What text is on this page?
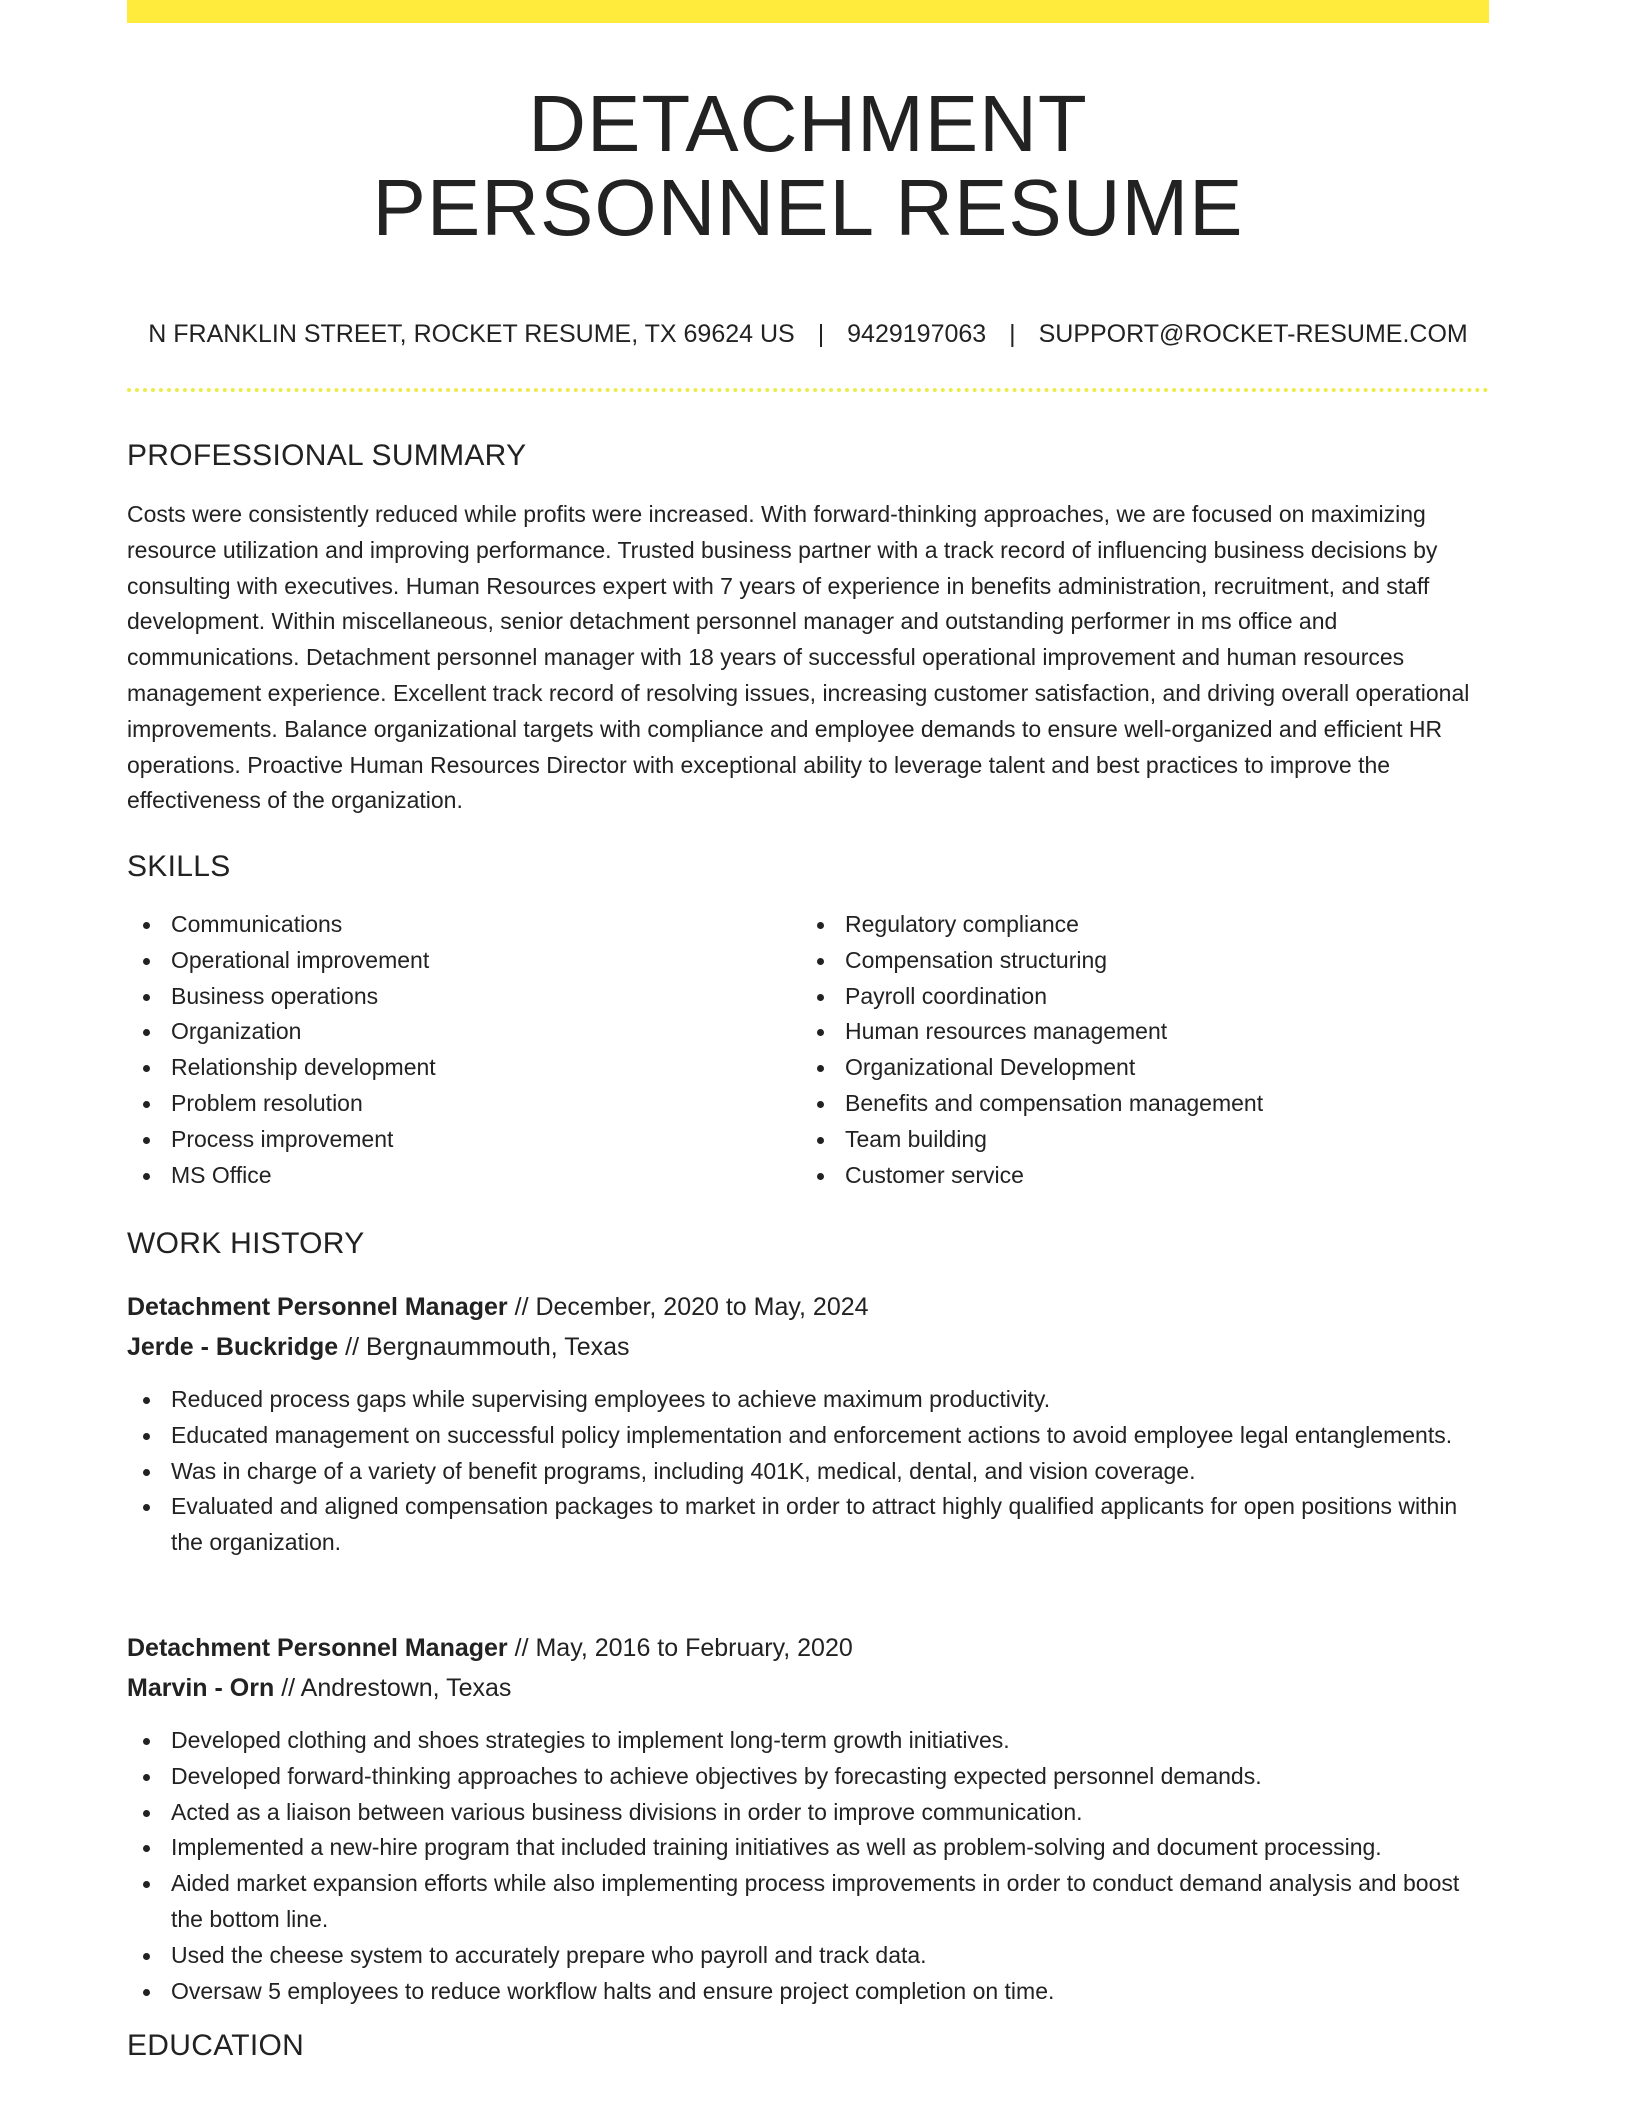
DETACHMENT
PERSONNEL RESUME
N FRANKLIN STREET, ROCKET RESUME, TX 69624 US | 9429197063 | SUPPORT@ROCKET-RESUME.COM
PROFESSIONAL SUMMARY

Costs were consistently reduced while profits were increased. With forward-thinking approaches, we are focused on maximizing resource utilization and improving performance. Trusted business partner with a track record of influencing business decisions by consulting with executives. Human Resources expert with 7 years of experience in benefits administration, recruitment, and staff development. Within miscellaneous, senior detachment personnel manager and outstanding performer in ms office and communications. Detachment personnel manager with 18 years of successful operational improvement and human resources management experience. Excellent track record of resolving issues, increasing customer satisfaction, and driving overall operational improvements. Balance organizational targets with compliance and employee demands to ensure well-organized and efficient HR operations. Proactive Human Resources Director with exceptional ability to leverage talent and best practices to improve the effectiveness of the organization.

SKILLS
Communications
Operational improvement
Business operations
Organization
Relationship development
Problem resolution
Process improvement
MS Office
Regulatory compliance
Compensation structuring
Payroll coordination
Human resources management
Organizational Development
Benefits and compensation management
Team building
Customer service
WORK HISTORY
Detachment Personnel Manager // December, 2020 to May, 2024
Jerde - Buckridge // Bergnaummouth, Texas
Reduced process gaps while supervising employees to achieve maximum productivity.
Educated management on successful policy implementation and enforcement actions to avoid employee legal entanglements.
Was in charge of a variety of benefit programs, including 401K, medical, dental, and vision coverage.
Evaluated and aligned compensation packages to market in order to attract highly qualified applicants for open positions within the organization.
Detachment Personnel Manager // May, 2016 to February, 2020
Marvin - Orn // Andrestown, Texas
Developed clothing and shoes strategies to implement long-term growth initiatives.
Developed forward-thinking approaches to achieve objectives by forecasting expected personnel demands.
Acted as a liaison between various business divisions in order to improve communication.
Implemented a new-hire program that included training initiatives as well as problem-solving and document processing.
Aided market expansion efforts while also implementing process improvements in order to conduct demand analysis and boost the bottom line.
Used the cheese system to accurately prepare who payroll and track data.
Oversaw 5 employees to reduce workflow halts and ensure project completion on time.
EDUCATION
